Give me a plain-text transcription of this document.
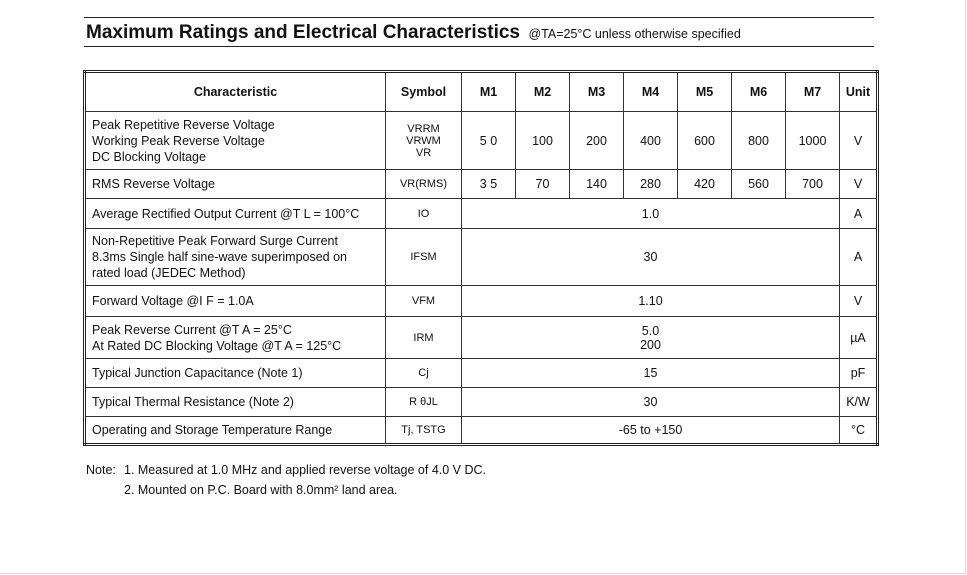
Maximum Ratings and Electrical Characteristics @TA=25°C unless otherwise specified
Characteristic	Symbol	M1	M2	M3	M4	M5	M6	M7	Unit

Peak Repetitive Reverse Voltage
Working Peak Reverse Voltage
DC Blocking Voltage	VRRM
VRWM
VR	5 0	100	200	400	600	800	1000	V

RMS Reverse Voltage	VR(RMS)	3 5	70	140	280	420	560	700	V

Average Rectified Output Current @T L = 100°C	IO	1.0							A

Non-Repetitive Peak Forward Surge Current
8.3ms Single half sine-wave superimposed on
rated load (JEDEC Method)	IFSM	30							A

Forward Voltage @I F = 1.0A	VFM	1.10							V

Peak Reverse Current @T A = 25°C
At Rated DC Blocking Voltage @T A = 125°C	IRM	5.0
200							µA

Typical Junction Capacitance (Note 1)	Cj	15							pF

Typical Thermal Resistance (Note 2)	R θJL	30							K/W

Operating and Storage Temperature Range	Tj, TSTG	-65 to +150							°C
Note: 1. Measured at 1.0 MHz and applied reverse voltage of 4.0 V DC.
2. Mounted on P.C. Board with 8.0mm² land area.
